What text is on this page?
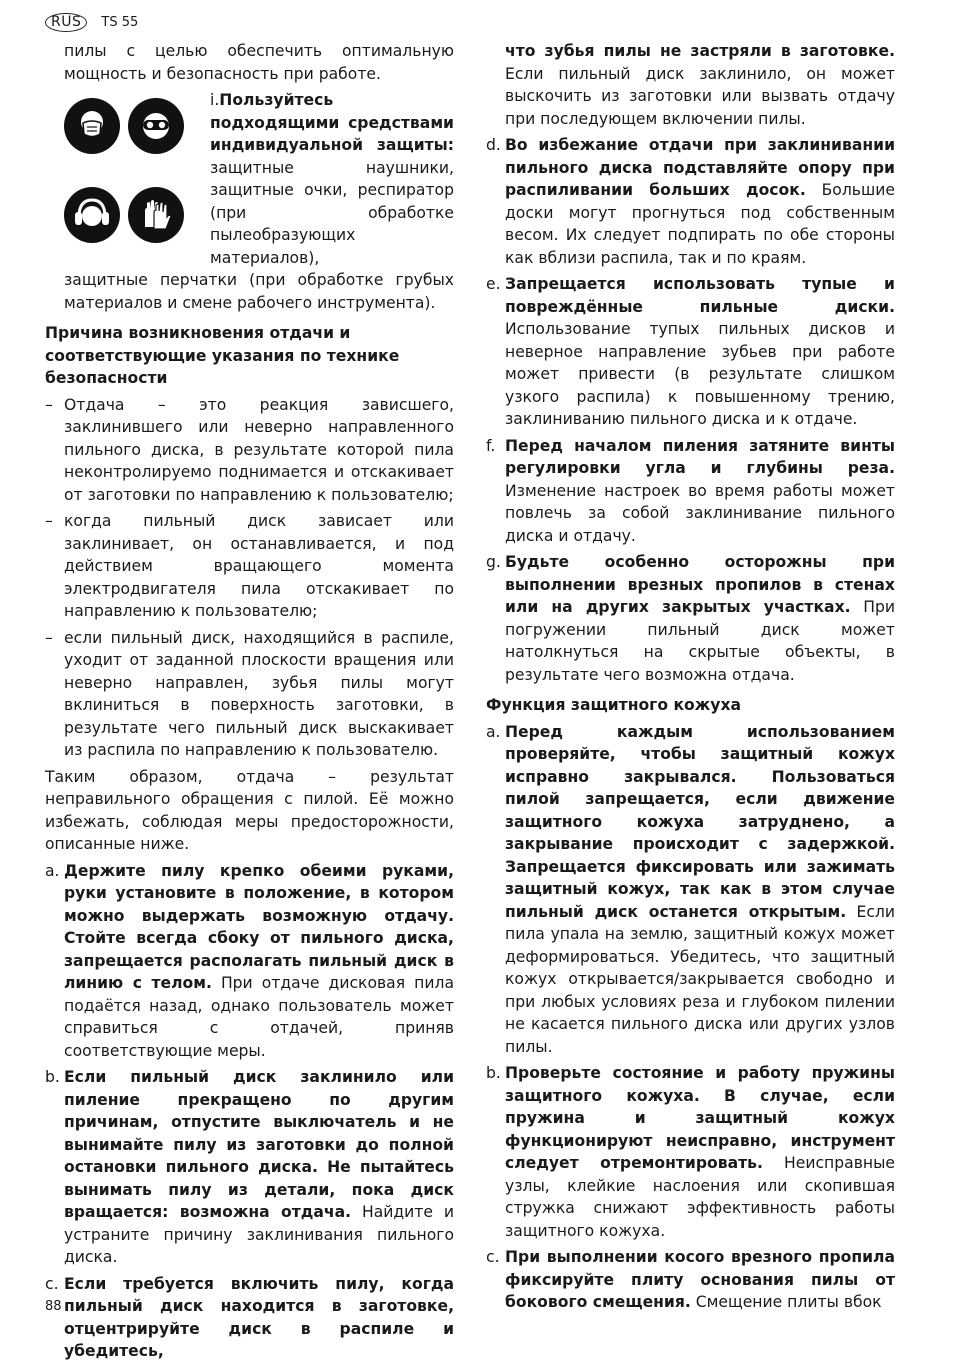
RUS	TS 55

пилы с целью обеспечить оптимальную мощность и безопасность при работе.

i.Пользуйтесь подходящими средствами индивидуальной защиты: защитные наушники, защитные очки, респиратор (при обработке пылеобразующих материалов),

защитные перчатки (при обработке грубых материалов и смене рабочего инструмента).

Причина возникновения отдачи и соответствующие указания по технике безопасности

– Отдача – это реакция зависшего, заклинившего или неверно направленного пильного диска, в результате которой пила неконтролируемо поднимается и отскакивает от заготовки по направлению к пользователю;

– когда пильный диск зависает или заклинивает, он останавливается, и под действием вращающего момента электродвигателя пила отскакивает по направлению к пользователю;

– если пильный диск, находящийся в распиле, уходит от заданной плоскости вращения или неверно направлен, зубья пилы могут вклиниться в поверхность заготовки, в результате чего пильный диск выскакивает из распила по направлению к пользователю.

Таким образом, отдача – результат неправильного обращения с пилой. Её можно избежать, соблюдая меры предосторожности, описанные ниже.

a. Держите пилу крепко обеими руками, руки установите в положение, в котором можно выдержать возможную отдачу. Стойте всегда сбоку от пильного диска, запрещается располагать пильный диск в линию с телом. При отдаче дисковая пила подаётся назад, однако пользователь может справиться с отдачей, приняв соответствующие меры.

b. Если пильный диск заклинило или пиление прекращено по другим причинам, отпустите выключатель и не вынимайте пилу из заготовки до полной остановки пильного диска. Не пытайтесь вынимать пилу из детали, пока диск вращается: возможна отдача. Найдите и устраните причину заклинивания пильного диска.

c. Если требуется включить пилу, когда пильный диск находится в заготовке, отцентрируйте диск в распиле и убедитесь,

что зубья пилы не застряли в заготовке. Если пильный диск заклинило, он может выскочить из заготовки или вызвать отдачу при последующем включении пилы.

d. Во избежание отдачи при заклинивании пильного диска подставляйте опору при распиливании больших досок. Большие доски могут прогнуться под собственным весом. Их следует подпирать по обе стороны как вблизи распила, так и по краям.

e. Запрещается использовать тупые и повреждённые пильные диски. Использование тупых пильных дисков и неверное направление зубьев при работе может привести (в результате слишком узкого распила) к повышенному трению, заклиниванию пильного диска и к отдаче.

f. Перед началом пиления затяните винты регулировки угла и глубины реза. Изменение настроек во время работы может повлечь за собой заклинивание пильного диска и отдачу.

g. Будьте особенно осторожны при выполнении врезных пропилов в стенах или на других закрытых участках. При погружении пильный диск может натолкнуться на скрытые объекты, в результате чего возможна отдача.

Функция защитного кожуха

a. Перед каждым использованием проверяйте, чтобы защитный кожух исправно закрывался. Пользоваться пилой запрещается, если движение защитного кожуха затруднено, а закрывание происходит с задержкой. Запрещается фиксировать или зажимать защитный кожух, так как в этом случае пильный диск останется открытым. Если пила упала на землю, защитный кожух может деформироваться. Убедитесь, что защитный кожух открывается/закрывается свободно и при любых условиях реза и глубоком пилении не касается пильного диска или других узлов пилы.

b. Проверьте состояние и работу пружины защитного кожуха. В случае, если пружина и защитный кожух функционируют неисправно, инструмент следует отремонтировать. Неисправные узлы, клейкие наслоения или скопившая стружка снижают эффективность работы защитного кожуха.

c. При выполнении косого врезного пропила фиксируйте плиту основания пилы от бокового смещения. Смещение плиты вбок

88
